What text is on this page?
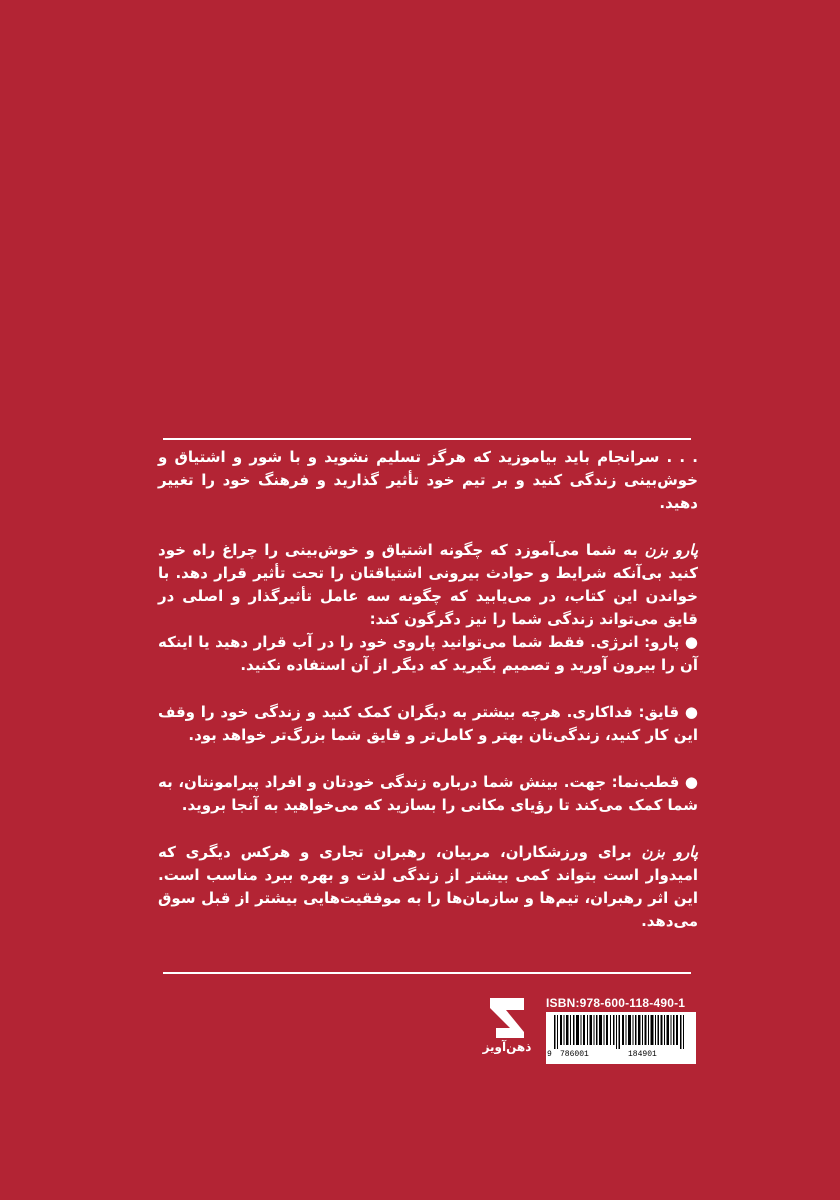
. . . سرانجام باید بیاموزید که هرگز تسلیم نشوید و با شور و اشتیاق و خوش‌بینی زندگی کنید و بر تیم خود تأثیر گذارید و فرهنگ خود را تغییر دهید.

پارو بزن به شما می‌آموزد که چگونه اشتیاق و خوش‌بینی را چراغ راه خود کنید بی‌آنکه شرایط و حوادث بیرونی اشتیاقتان را تحت تأثیر قرار دهد. با خواندن این کتاب، در می‌یابید که چگونه سه عامل تأثیرگذار و اصلی در قایق می‌تواند زندگی شما را نیز دگرگون کند:

● پارو: انرژی. فقط شما می‌توانید پاروی خود را در آب قرار دهید یا اینکه آن را بیرون آورید و تصمیم بگیرید که دیگر از آن استفاده نکنید.

● قایق: فداکاری. هرچه بیشتر به دیگران کمک کنید و زندگی خود را وقف این کار کنید، زندگی‌تان بهتر و کامل‌تر و قایق شما بزرگ‌تر خواهد بود.

● قطب‌نما: جهت. بینش شما درباره زندگی خودتان و افراد پیرامونتان، به شما کمک می‌کند تا رؤیای مکانی را بسازید که می‌خواهید به آنجا بروید.

پارو بزن برای ورزشکاران، مربیان، رهبران تجاری و هرکس دیگری که امیدوار است بتواند کمی بیشتر از زندگی لذت و بهره ببرد مناسب است. این اثر رهبران، تیم‌ها و سازمان‌ها را به موفقیت‌هایی بیشتر از قبل سوق می‌دهد.

ذهن‌آویز
ISBN:978-600-118-490-1
9 786001	184901
